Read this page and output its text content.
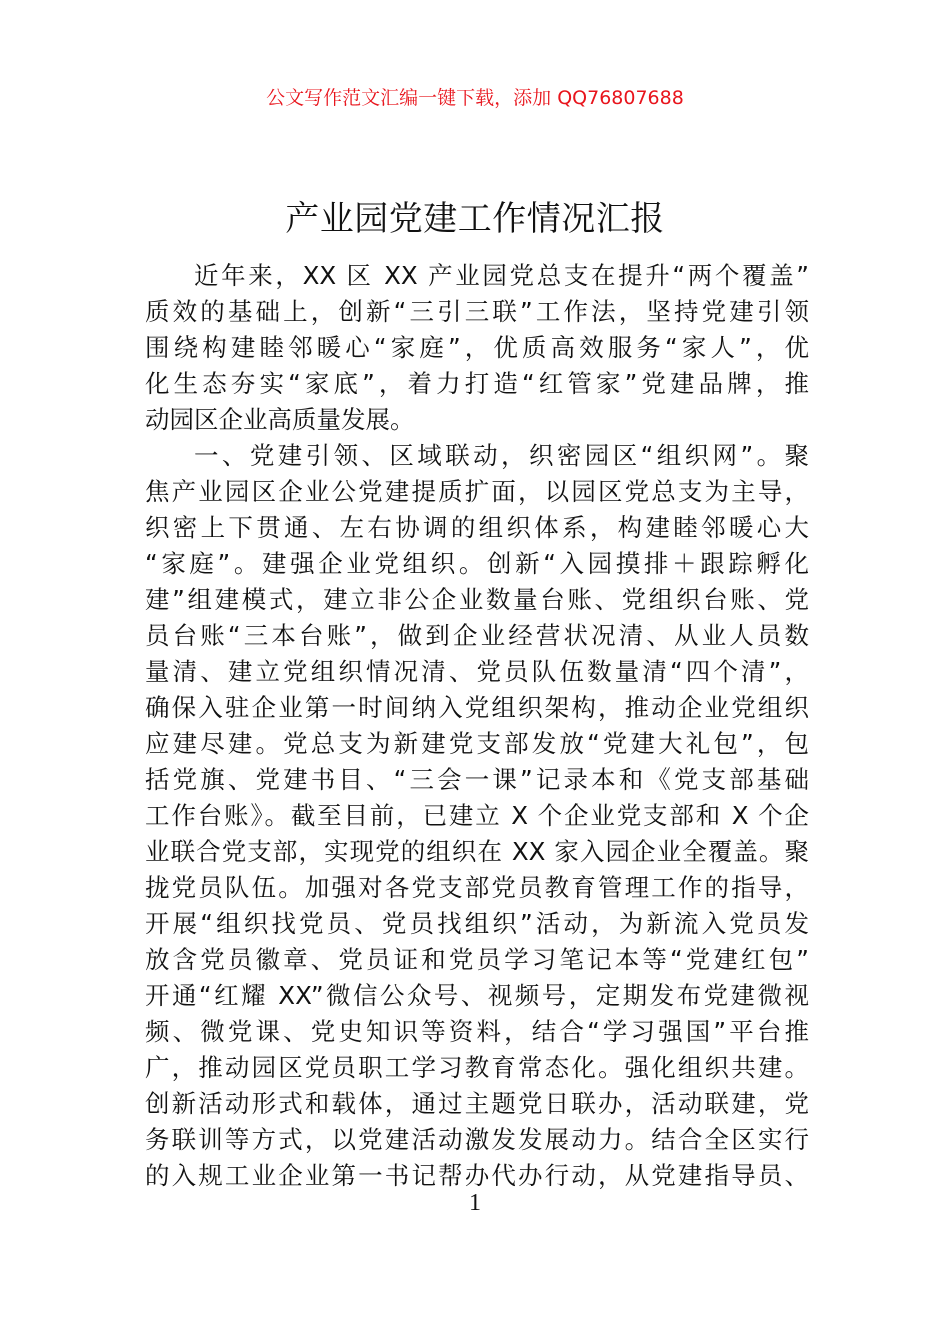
公文写作范文汇编一键下载，添加 QQ76807688
产业园党建工作情况汇报
近年来，XX 区 XX 产业园党总支在提升“两个覆盖”
质效的基础上，创新“三引三联”工作法，坚持党建引领
围绕构建睦邻暖心“家庭”，优质高效服务“家人”，优
化生态夯实“家底”，着力打造“红管家”党建品牌，推
动园区企业高质量发展。
一、党建引领、区域联动，织密园区“组织网”。聚
焦产业园区企业公党建提质扩面，以园区党总支为主导，
织密上下贯通、左右协调的组织体系，构建睦邻暖心大
“家庭”。建强企业党组织。创新“入园摸排＋跟踪孵化
建”组建模式，建立非公企业数量台账、党组织台账、党
员台账“三本台账”，做到企业经营状况清、从业人员数
量清、建立党组织情况清、党员队伍数量清“四个清”，
确保入驻企业第一时间纳入党组织架构，推动企业党组织
应建尽建。党总支为新建党支部发放“党建大礼包”，包
括党旗、党建书目、“三会一课”记录本和《党支部基础
工作台账》。截至目前，已建立 X 个企业党支部和 X 个企
业联合党支部，实现党的组织在 XX 家入园企业全覆盖。聚
拢党员队伍。加强对各党支部党员教育管理工作的指导，
开展“组织找党员、党员找组织”活动，为新流入党员发
放含党员徽章、党员证和党员学习笔记本等“党建红包”
开通“红耀 XX”微信公众号、视频号，定期发布党建微视
频、微党课、党史知识等资料，结合“学习强国”平台推
广，推动园区党员职工学习教育常态化。强化组织共建。
创新活动形式和载体，通过主题党日联办，活动联建，党
务联训等方式，以党建活动激发发展动力。结合全区实行
的入规工业企业第一书记帮办代办行动，从党建指导员、
1
